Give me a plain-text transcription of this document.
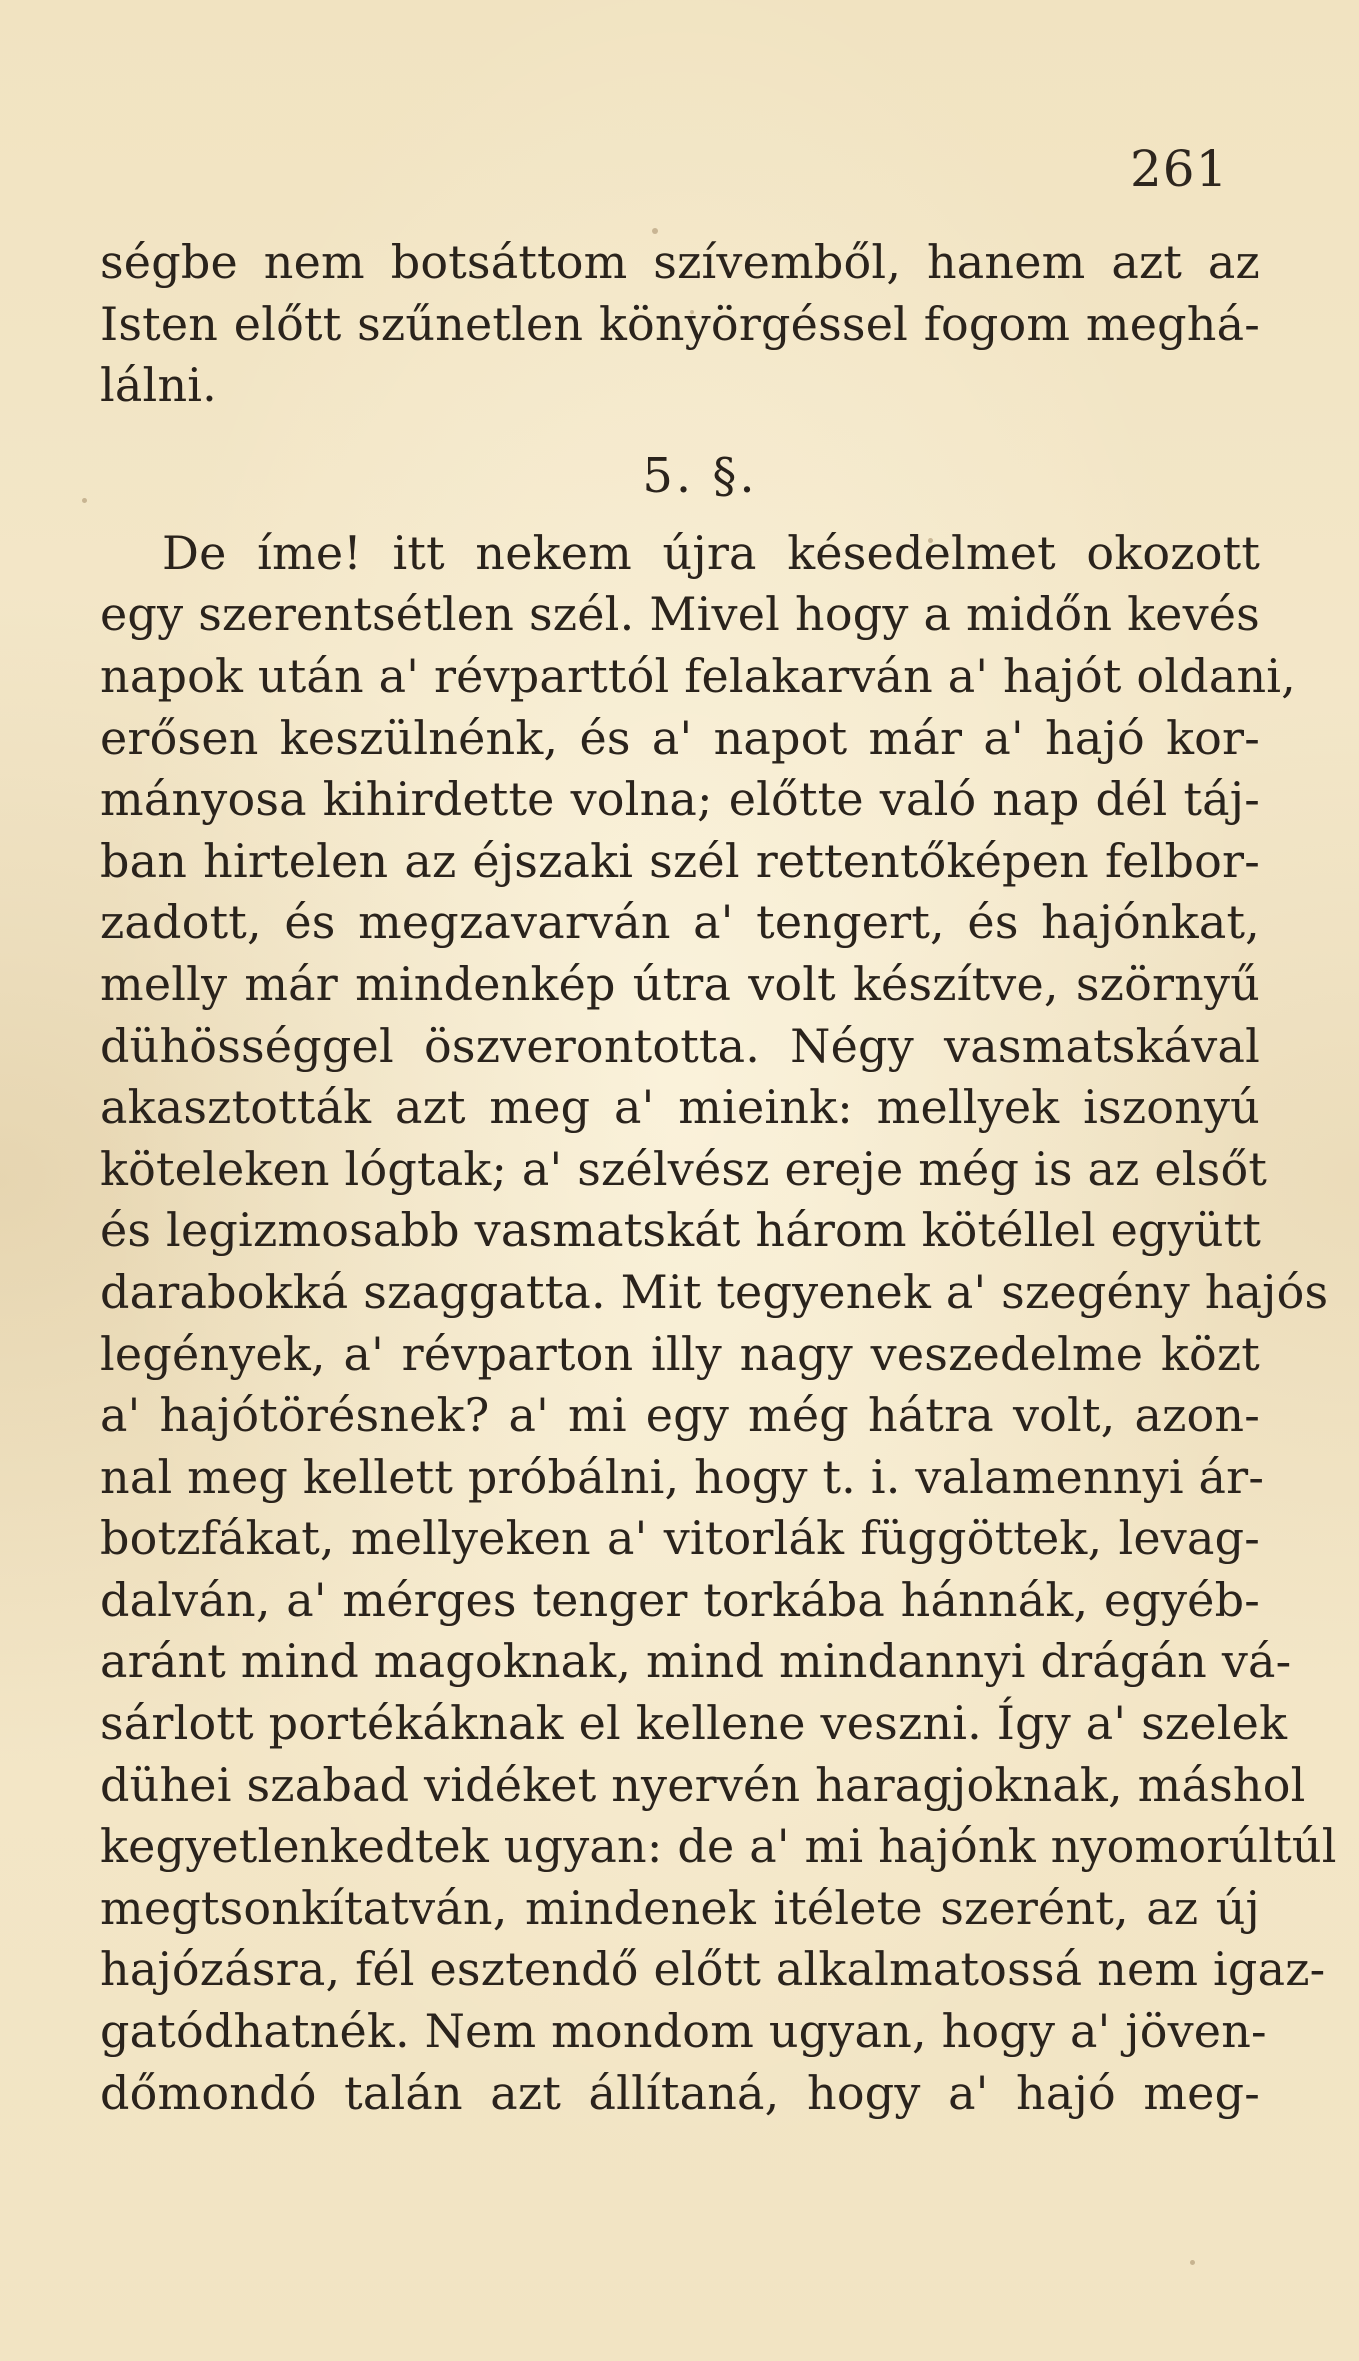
261
ségbe nem botsáttom szívemből, hanem azt az
Isten előtt szűnetlen könyörgéssel fogom meghá-
lálni.
5. §.
De íme! itt nekem újra késedelmet okozott
egy szerentsétlen szél. Mivel hogy a midőn kevés
napok után a' révparttól felakarván a' hajót oldani,
erősen keszülnénk, és a' napot már a' hajó kor-
mányosa kihirdette volna; előtte való nap dél táj-
ban hirtelen az éjszaki szél rettentőképen felbor-
zadott, és megzavarván a' tengert, és hajónkat,
melly már mindenkép útra volt készítve, szörnyű
dühösséggel öszverontotta. Négy vasmatskával
akasztották azt meg a' mieink: mellyek iszonyú
köteleken lógtak; a' szélvész ereje még is az elsőt
és legizmosabb vasmatskát három kötéllel együtt
darabokká szaggatta. Mit tegyenek a' szegény hajós
legények, a' révparton illy nagy veszedelme közt
a' hajótörésnek? a' mi egy még hátra volt, azon-
nal meg kellett próbálni, hogy t. i. valamennyi ár-
botzfákat, mellyeken a' vitorlák függöttek, levag-
dalván, a' mérges tenger torkába hánnák, egyéb-
aránt mind magoknak, mind mindannyi drágán vá-
sárlott portékáknak el kellene veszni. Így a' szelek
dühei szabad vidéket nyervén haragjoknak, máshol
kegyetlenkedtek ugyan: de a' mi hajónk nyomorúltúl
megtsonkítatván, mindenek itélete szerént, az új
hajózásra, fél esztendő előtt alkalmatossá nem igaz-
gatódhatnék. Nem mondom ugyan, hogy a' jöven-
dőmondó talán azt állítaná, hogy a' hajó meg-
